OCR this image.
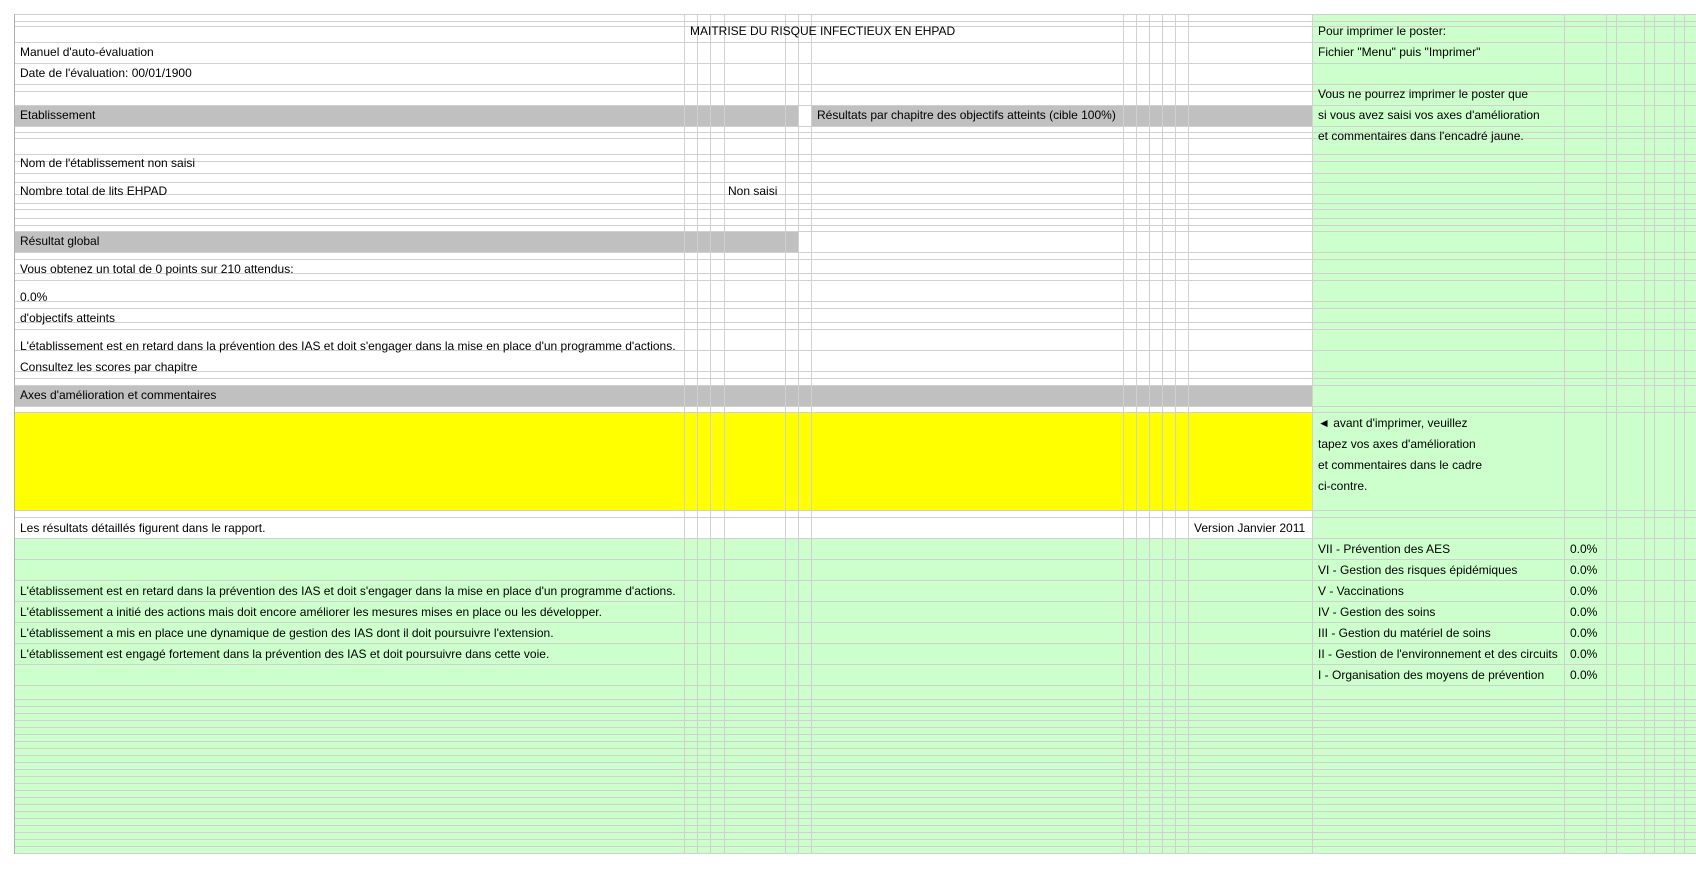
MAITRISE DU RISQUE INFECTIEUX EN EHPAD
Manuel d'auto-évaluation
Date de l'évaluation: 00/01/1900
Pour imprimer le poster:
Fichier "Menu" puis "Imprimer"
Vous ne pourrez imprimer le poster que
si vous avez saisi vos axes d'amélioration
et commentaires dans l'encadré jaune.
Etablissement	Résultats par chapitre des objectifs atteints (cible 100%)
Nom de l'établissement non saisi
Nombre total de lits EHPAD	Non saisi
Résultat global
Vous obtenez un total de 0 points sur 210 attendus:
0.0%
d'objectifs atteints
L'établissement est en retard dans la prévention des IAS et doit s'engager dans la mise en place d'un programme d'actions.
Consultez les scores par chapitre
Axes d'amélioration et commentaires
◄ avant d'imprimer, veuillez
tapez vos axes d'amélioration
et commentaires dans le cadre
ci-contre.
Les résultats détaillés figurent dans le rapport.	Version Janvier 2011
L'établissement est en retard dans la prévention des IAS et doit s'engager dans la mise en place d'un programme d'actions.
L'établissement a initié des actions mais doit encore améliorer les mesures mises en place ou les développer.
L'établissement a mis en place une dynamique de gestion des IAS dont il doit poursuivre l'extension.
L'établissement est engagé fortement dans la prévention des IAS et doit poursuivre dans cette voie.
VII - Prévention des AES	0.0%
VI - Gestion des risques épidémiques	0.0%
V - Vaccinations	0.0%
IV - Gestion des soins	0.0%
III - Gestion du matériel de soins	0.0%
II - Gestion de l'environnement et des circuits 0.0%
I - Organisation des moyens de prévention 0.0%
